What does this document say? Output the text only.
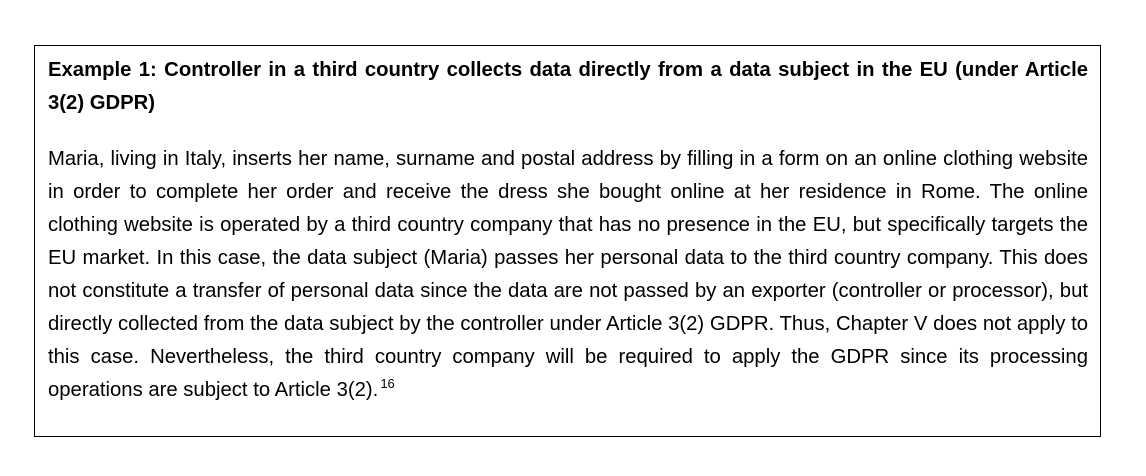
Example 1: Controller in a third country collects data directly from a data subject in the EU (under Article 3(2) GDPR)

Maria, living in Italy, inserts her name, surname and postal address by filling in a form on an online clothing website in order to complete her order and receive the dress she bought online at her residence in Rome. The online clothing website is operated by a third country company that has no presence in the EU, but specifically targets the EU market. In this case, the data subject (Maria) passes her personal data to the third country company. This does not constitute a transfer of personal data since the data are not passed by an exporter (controller or processor), but directly collected from the data subject by the controller under Article 3(2) GDPR. Thus, Chapter V does not apply to this case. Nevertheless, the third country company will be required to apply the GDPR since its processing operations are subject to Article 3(2). $^{16}$
